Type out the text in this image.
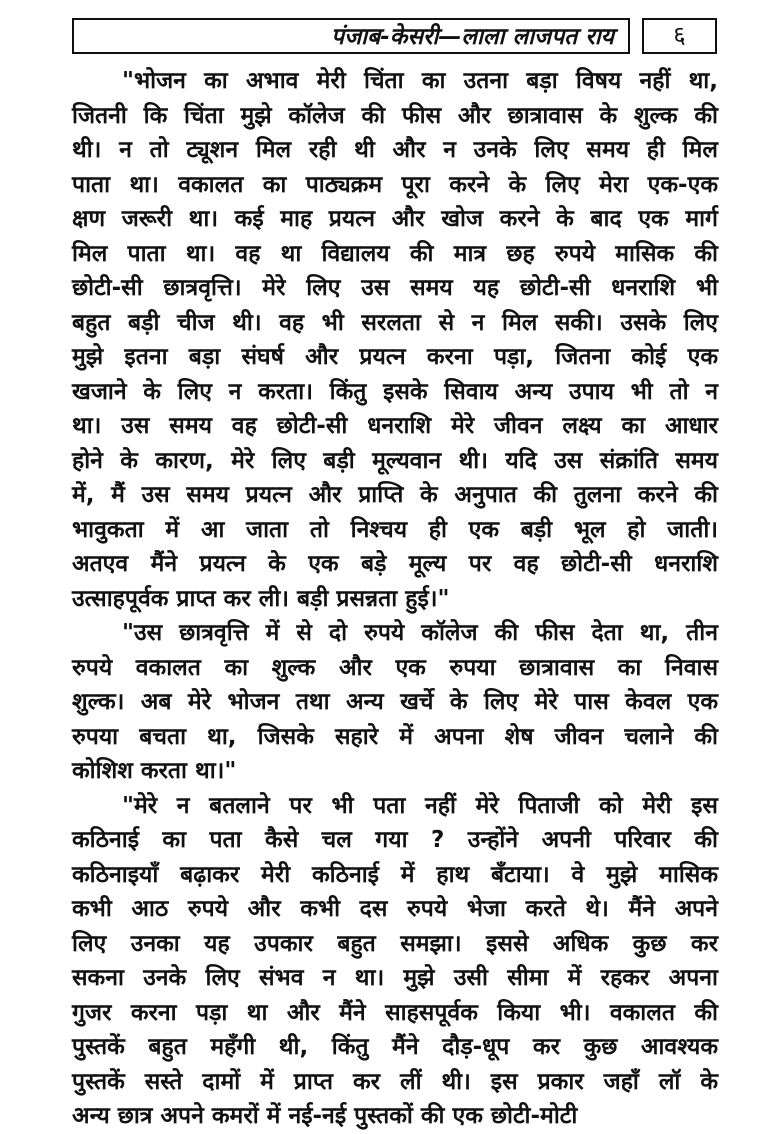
पंजाब-केसरी—लाला लाजपत राय	६
"भोजन का अभाव मेरी चिंता का उतना बड़ा विषय नहीं था,
जितनी कि चिंता मुझे कॉलेज की फीस और छात्रावास के शुल्क की
थी। न तो ट्यूशन मिल रही थी और न उनके लिए समय ही मिल
पाता था। वकालत का पाठ्यक्रम पूरा करने के लिए मेरा एक-एक
क्षण जरूरी था। कई माह प्रयत्न और खोज करने के बाद एक मार्ग
मिल पाता था। वह था विद्यालय की मात्र छह रुपये मासिक की
छोटी-सी छात्रवृत्ति। मेरे लिए उस समय यह छोटी-सी धनराशि भी
बहुत बड़ी चीज थी। वह भी सरलता से न मिल सकी। उसके लिए
मुझे इतना बड़ा संघर्ष और प्रयत्न करना पड़ा, जितना कोई एक
खजाने के लिए न करता। किंतु इसके सिवाय अन्य उपाय भी तो न
था। उस समय वह छोटी-सी धनराशि मेरे जीवन लक्ष्य का आधार
होने के कारण, मेरे लिए बड़ी मूल्यवान थी। यदि उस संक्रांति समय
में, मैं उस समय प्रयत्न और प्राप्ति के अनुपात की तुलना करने की
भावुकता में आ जाता तो निश्चय ही एक बड़ी भूल हो जाती।
अतएव मैंने प्रयत्न के एक बड़े मूल्य पर वह छोटी-सी धनराशि
उत्साहपूर्वक प्राप्त कर ली। बड़ी प्रसन्नता हुई।"
"उस छात्रवृत्ति में से दो रुपये कॉलेज की फीस देता था, तीन
रुपये वकालत का शुल्क और एक रुपया छात्रावास का निवास
शुल्क। अब मेरे भोजन तथा अन्य खर्चे के लिए मेरे पास केवल एक
रुपया बचता था, जिसके सहारे में अपना शेष जीवन चलाने की
कोशिश करता था।"
"मेरे न बतलाने पर भी पता नहीं मेरे पिताजी को मेरी इस
कठिनाई का पता कैसे चल गया ? उन्होंने अपनी परिवार की
कठिनाइयाँ बढ़ाकर मेरी कठिनाई में हाथ बँटाया। वे मुझे मासिक
कभी आठ रुपये और कभी दस रुपये भेजा करते थे। मैंने अपने
लिए उनका यह उपकार बहुत समझा। इससे अधिक कुछ कर
सकना उनके लिए संभव न था। मुझे उसी सीमा में रहकर अपना
गुजर करना पड़ा था और मैंने साहसपूर्वक किया भी। वकालत की
पुस्तकें बहुत महँगी थी, किंतु मैंने दौड़-धूप कर कुछ आवश्यक
पुस्तकें सस्ते दामों में प्राप्त कर लीं थी। इस प्रकार जहाँ लॉ के
अन्य छात्र अपने कमरों में नई-नई पुस्तकों की एक छोटी-मोटी
